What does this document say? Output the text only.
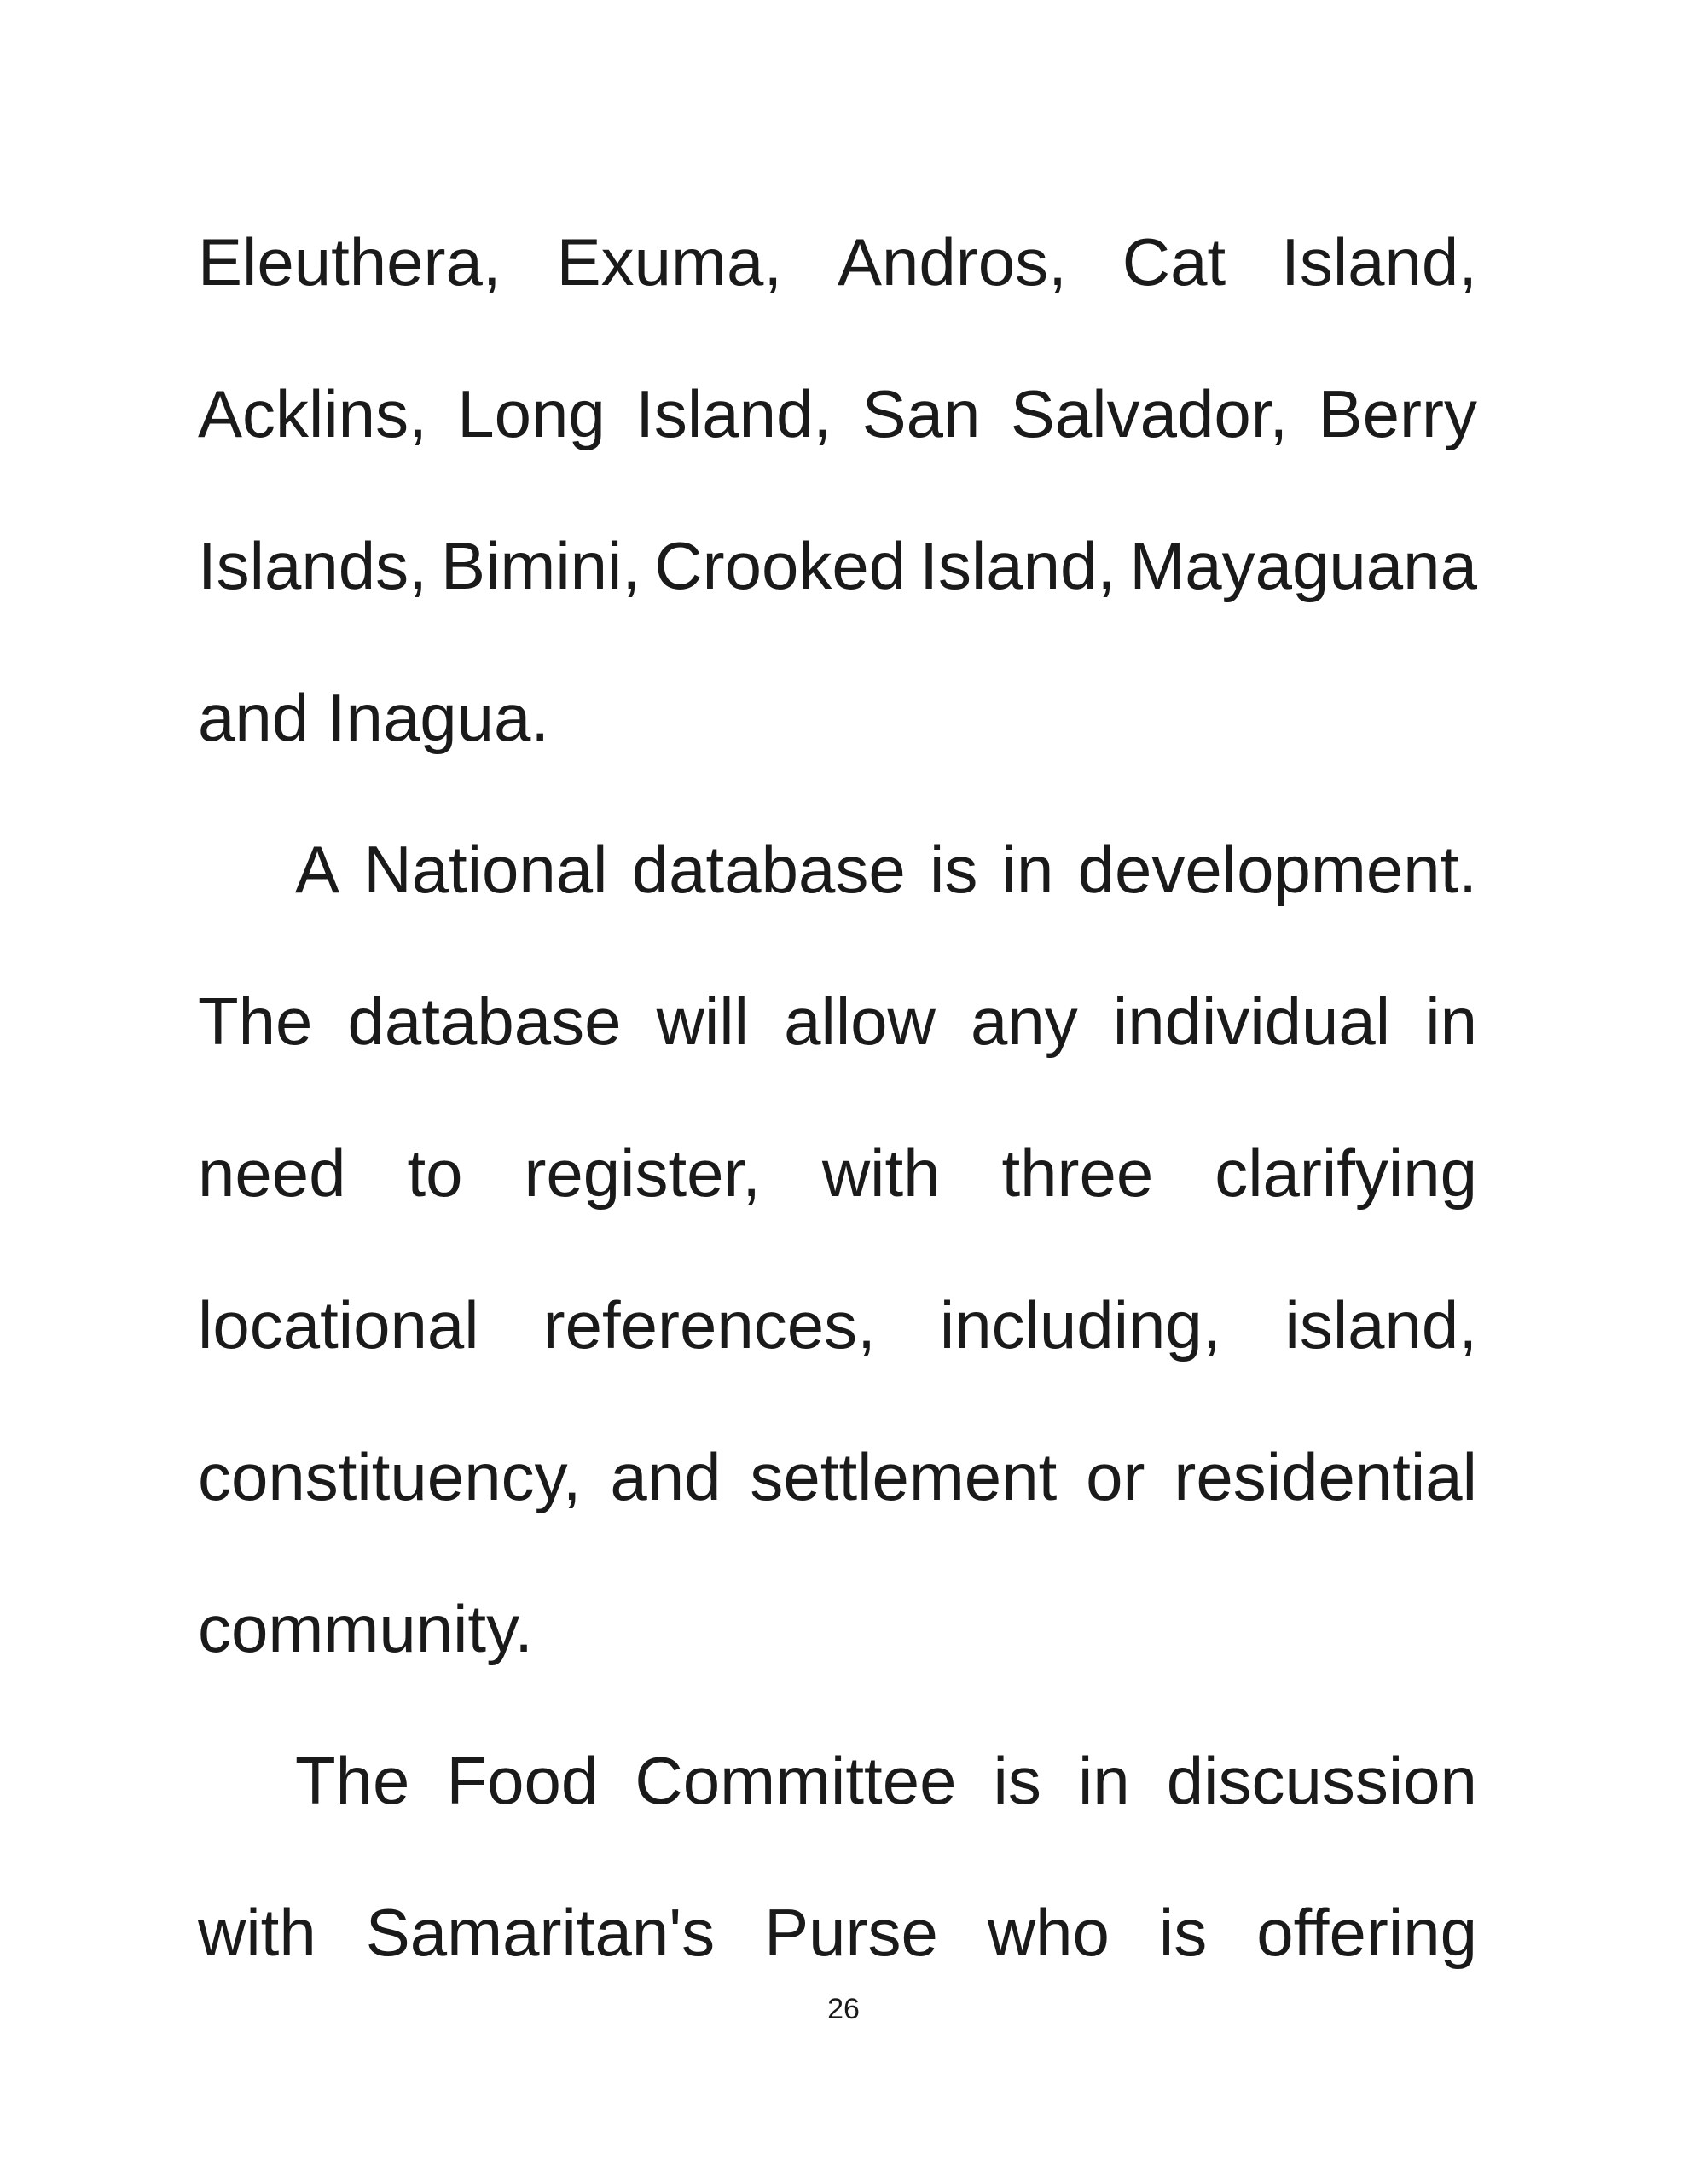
Eleuthera, Exuma, Andros, Cat Island,
Acklins, Long Island, San Salvador, Berry
Islands, Bimini, Crooked Island, Mayaguana
and Inagua.
A National database is in development.
The database will allow any individual in
need to register, with three clarifying
locational references, including, island,
constituency, and settlement or residential
community.
The Food Committee is in discussion
with Samaritan's Purse who is offering
26
